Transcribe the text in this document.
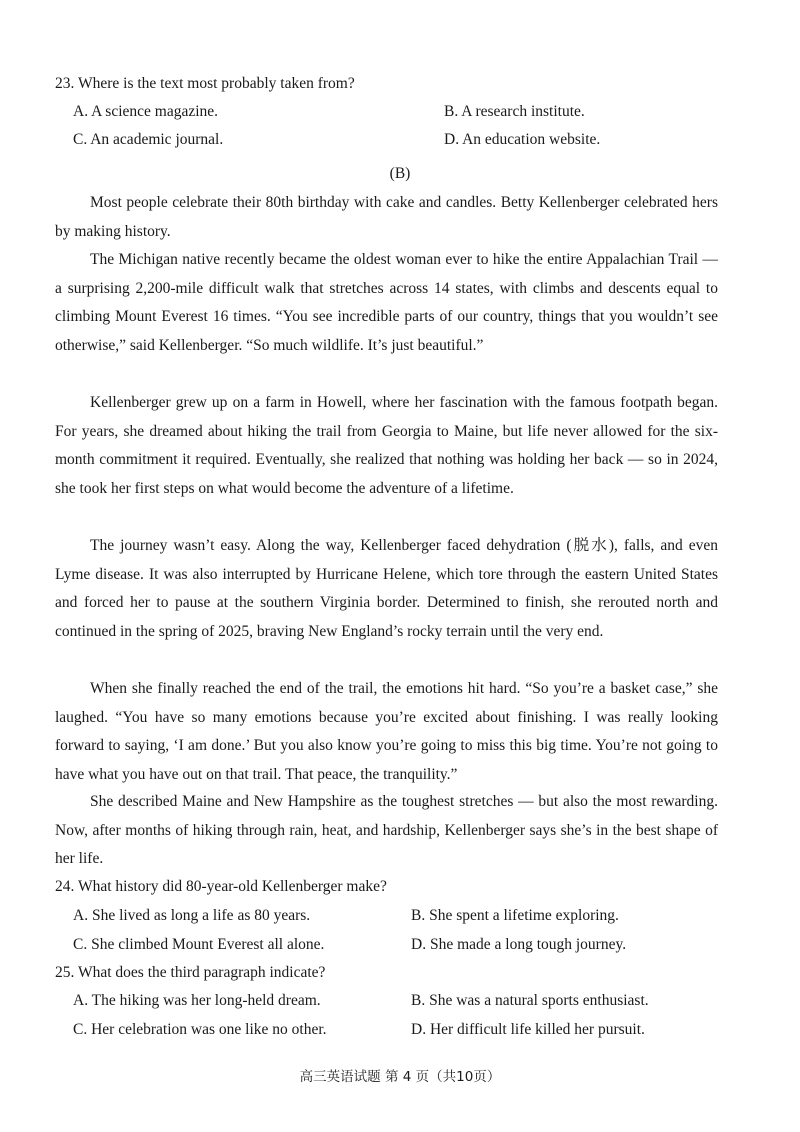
23. Where is the text most probably taken from?
A. A science magazine.	B. A research institute.
C. An academic journal.	D. An education website.
(B)
Most people celebrate their 80th birthday with cake and candles. Betty Kellenberger celebrated hers by making history.
The Michigan native recently became the oldest woman ever to hike the entire Appalachian Trail — a surprising 2,200-mile difficult walk that stretches across 14 states, with climbs and descents equal to climbing Mount Everest 16 times. “You see incredible parts of our country, things that you wouldn’t see otherwise,” said Kellenberger. “So much wildlife. It’s just beautiful.”
Kellenberger grew up on a farm in Howell, where her fascination with the famous footpath began. For years, she dreamed about hiking the trail from Georgia to Maine, but life never allowed for the six-month commitment it required. Eventually, she realized that nothing was holding her back — so in 2024, she took her first steps on what would become the adventure of a lifetime.
The journey wasn’t easy. Along the way, Kellenberger faced dehydration (脱水), falls, and even Lyme disease. It was also interrupted by Hurricane Helene, which tore through the eastern United States and forced her to pause at the southern Virginia border. Determined to finish, she rerouted north and continued in the spring of 2025, braving New England’s rocky terrain until the very end.
When she finally reached the end of the trail, the emotions hit hard. “So you’re a basket case,” she laughed. “You have so many emotions because you’re excited about finishing. I was really looking forward to saying, ‘I am done.’ But you also know you’re going to miss this big time. You’re not going to have what you have out on that trail. That peace, the tranquility.”
She described Maine and New Hampshire as the toughest stretches — but also the most rewarding. Now, after months of hiking through rain, heat, and hardship, Kellenberger says she’s in the best shape of her life.
24. What history did 80-year-old Kellenberger make?
A. She lived as long a life as 80 years.	B. She spent a lifetime exploring.
C. She climbed Mount Everest all alone.	D. She made a long tough journey.
25. What does the third paragraph indicate?
A. The hiking was her long-held dream.	B. She was a natural sports enthusiast.
C. Her celebration was one like no other.	D. Her difficult life killed her pursuit.
高三英语试题 第 4 页（共10页）
